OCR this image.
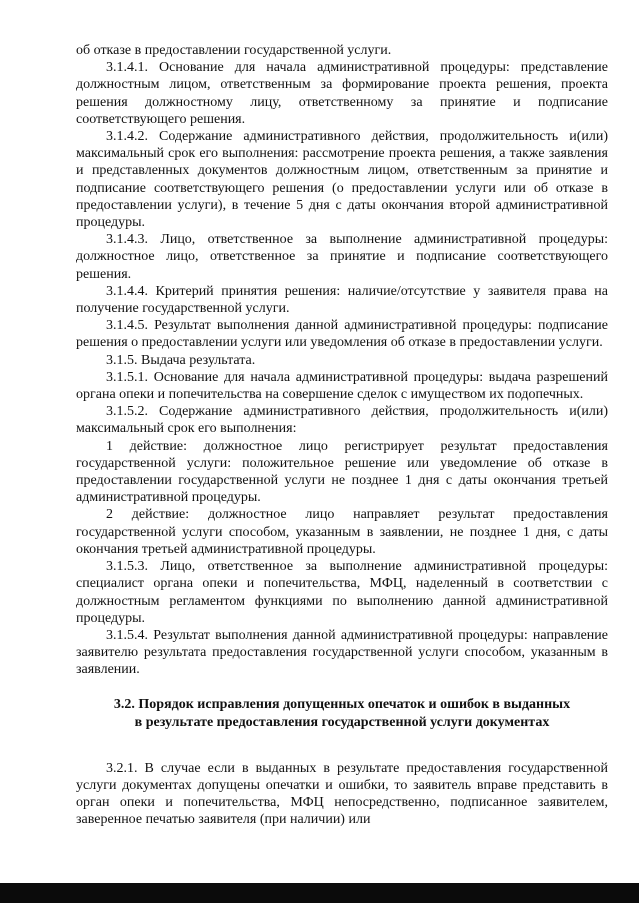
об отказе в предоставлении государственной услуги.

3.1.4.1. Основание для начала административной процедуры: представление должностным лицом, ответственным за формирование проекта решения, проекта решения должностному лицу, ответственному за принятие и подписание соответствующего решения.

3.1.4.2. Содержание административного действия, продолжительность и(или) максимальный срок его выполнения: рассмотрение проекта решения, а также заявления и представленных документов должностным лицом, ответственным за принятие и подписание соответствующего решения (о предоставлении услуги или об отказе в предоставлении услуги), в течение 5 дня с даты окончания второй административной процедуры.

3.1.4.3. Лицо, ответственное за выполнение административной процедуры: должностное лицо, ответственное за принятие и подписание соответствующего решения.

3.1.4.4. Критерий принятия решения: наличие/отсутствие у заявителя права на получение государственной услуги.

3.1.4.5. Результат выполнения данной административной процедуры: подписание решения о предоставлении услуги или уведомления об отказе в предоставлении услуги.

3.1.5. Выдача результата.

3.1.5.1. Основание для начала административной процедуры: выдача разрешений органа опеки и попечительства на совершение сделок с имуществом их подопечных.

3.1.5.2. Содержание административного действия, продолжительность и(или) максимальный срок его выполнения:

1 действие: должностное лицо регистрирует результат предоставления государственной услуги: положительное решение или уведомление об отказе в предоставлении государственной услуги не позднее 1 дня с даты окончания третьей административной процедуры.

2 действие: должностное лицо направляет результат предоставления государственной услуги способом, указанным в заявлении, не позднее 1 дня, с даты окончания третьей административной процедуры.

3.1.5.3. Лицо, ответственное за выполнение административной процедуры: специалист органа опеки и попечительства, МФЦ, наделенный в соответствии с должностным регламентом функциями по выполнению данной административной процедуры.

3.1.5.4. Результат выполнения данной административной процедуры: направление заявителю результата предоставления государственной услуги способом, указанным в заявлении.

3.2. Порядок исправления допущенных опечаток и ошибок в выданных
в результате предоставления государственной услуги документах

3.2.1. В случае если в выданных в результате предоставления государственной услуги документах допущены опечатки и ошибки, то заявитель вправе представить в орган опеки и попечительства, МФЦ непосредственно, подписанное заявителем, заверенное печатью заявителя (при наличии) или
